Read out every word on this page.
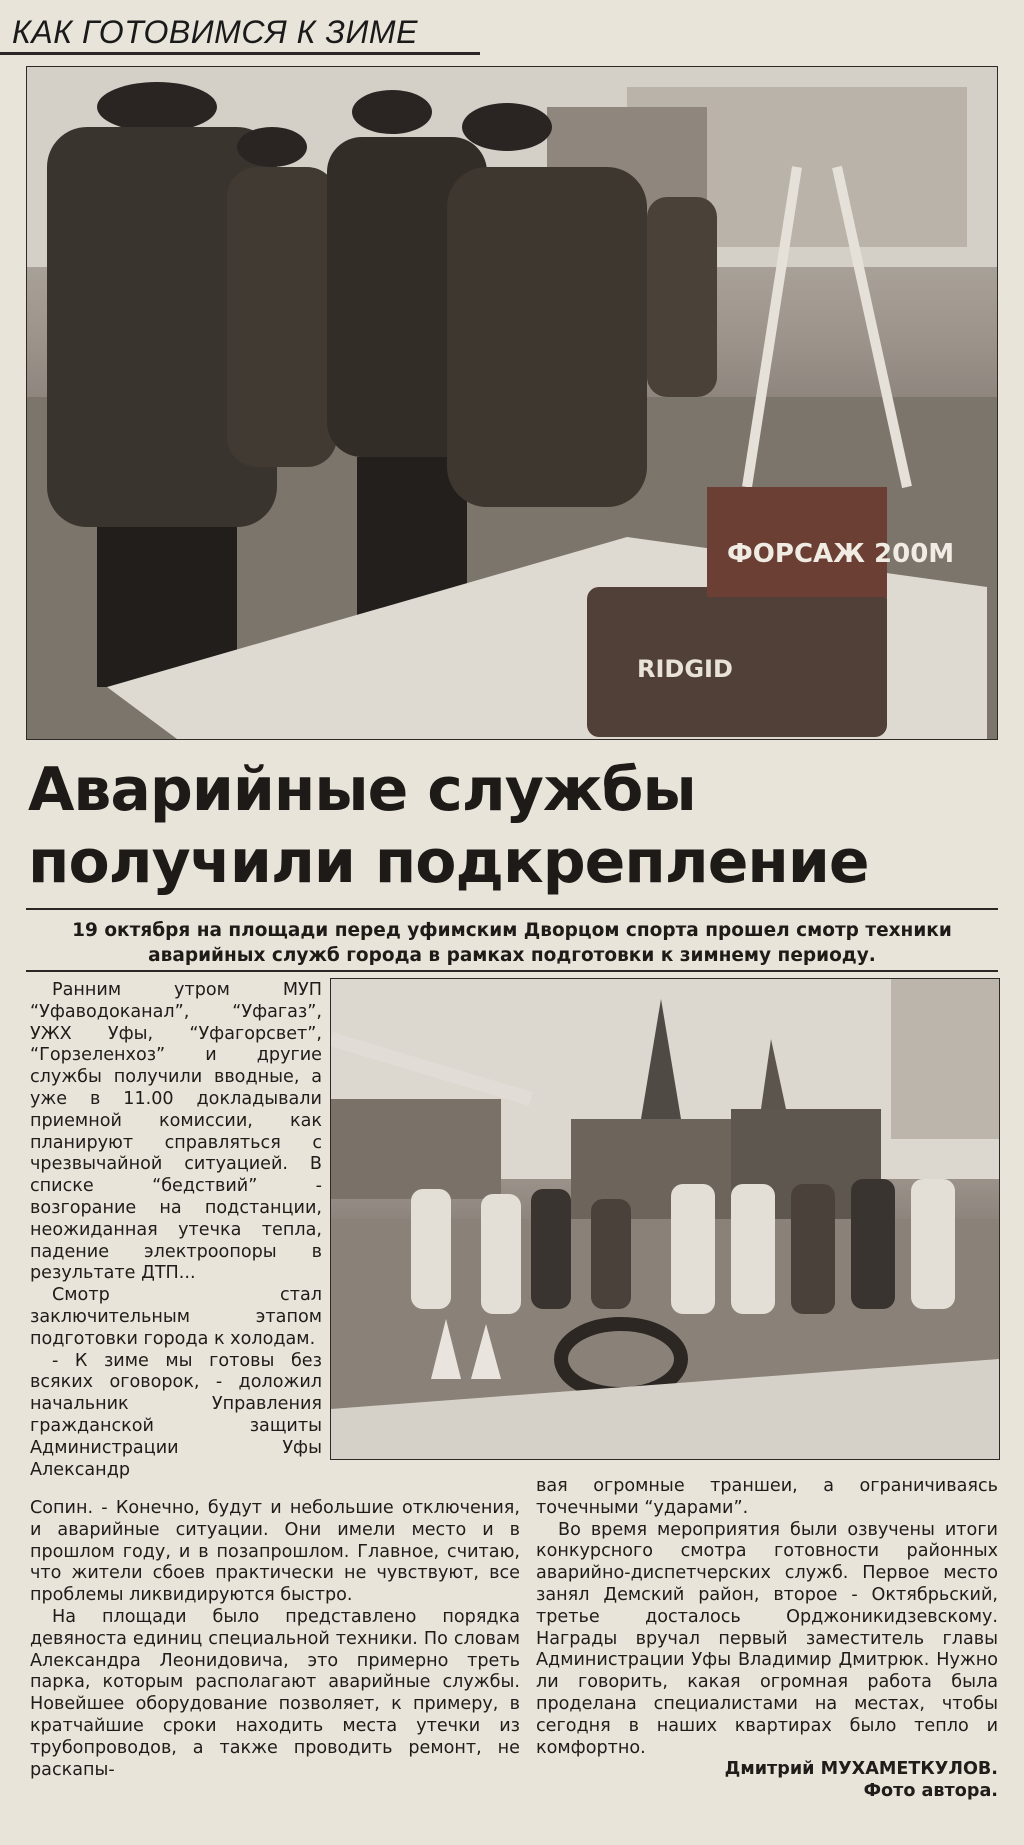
КАК ГОТОВИМСЯ К ЗИМЕ
ФОРСАЖ 200М
RIDGID
Аварийные службы получили подкрепление

19 октября на площади перед уфимским Дворцом спорта прошел смотр техники аварийных служб города в рамках подготовки к зимнему периоду.

Ранним утром МУП “Уфаводоканал”, “Уфагаз”, УЖХ Уфы, “Уфагорсвет”, “Горзеленхоз” и другие службы получили вводные, а уже в 11.00 докладывали приемной комиссии, как планируют справляться с чрезвычайной ситуацией. В списке “бедствий” - возгорание на подстанции, неожиданная утечка тепла, падение электроопоры в результате ДТП...

Смотр стал заключительным этапом подготовки города к холодам.

- К зиме мы готовы без всяких оговорок, - доложил начальник Управления гражданской защиты Администрации Уфы Александр

Сопин. - Конечно, будут и небольшие отключения, и аварийные ситуации. Они имели место и в прошлом году, и в позапрошлом. Главное, считаю, что жители сбоев практически не чувствуют, все проблемы ликвидируются быстро.

На площади было представлено порядка девяноста единиц специальной техники. По словам Александра Леонидовича, это примерно треть парка, которым располагают аварийные службы. Новейшее оборудование позволяет, к примеру, в кратчайшие сроки находить места утечки из трубопроводов, а также проводить ремонт, не раскапы-

вая огромные траншеи, а ограничиваясь точечными “ударами”.

Во время мероприятия были озвучены итоги конкурсного смотра готовности районных аварийно-диспетчерских служб. Первое место занял Демский район, второе - Октябрьский, третье досталось Орджоникидзевскому. Награды вручал первый заместитель главы Администрации Уфы Владимир Дмитрюк. Нужно ли говорить, какая огромная работа была проделана специалистами на местах, чтобы сегодня в наших квартирах было тепло и комфортно.

Дмитрий МУХАМЕТКУЛОВ.

Фото автора.
